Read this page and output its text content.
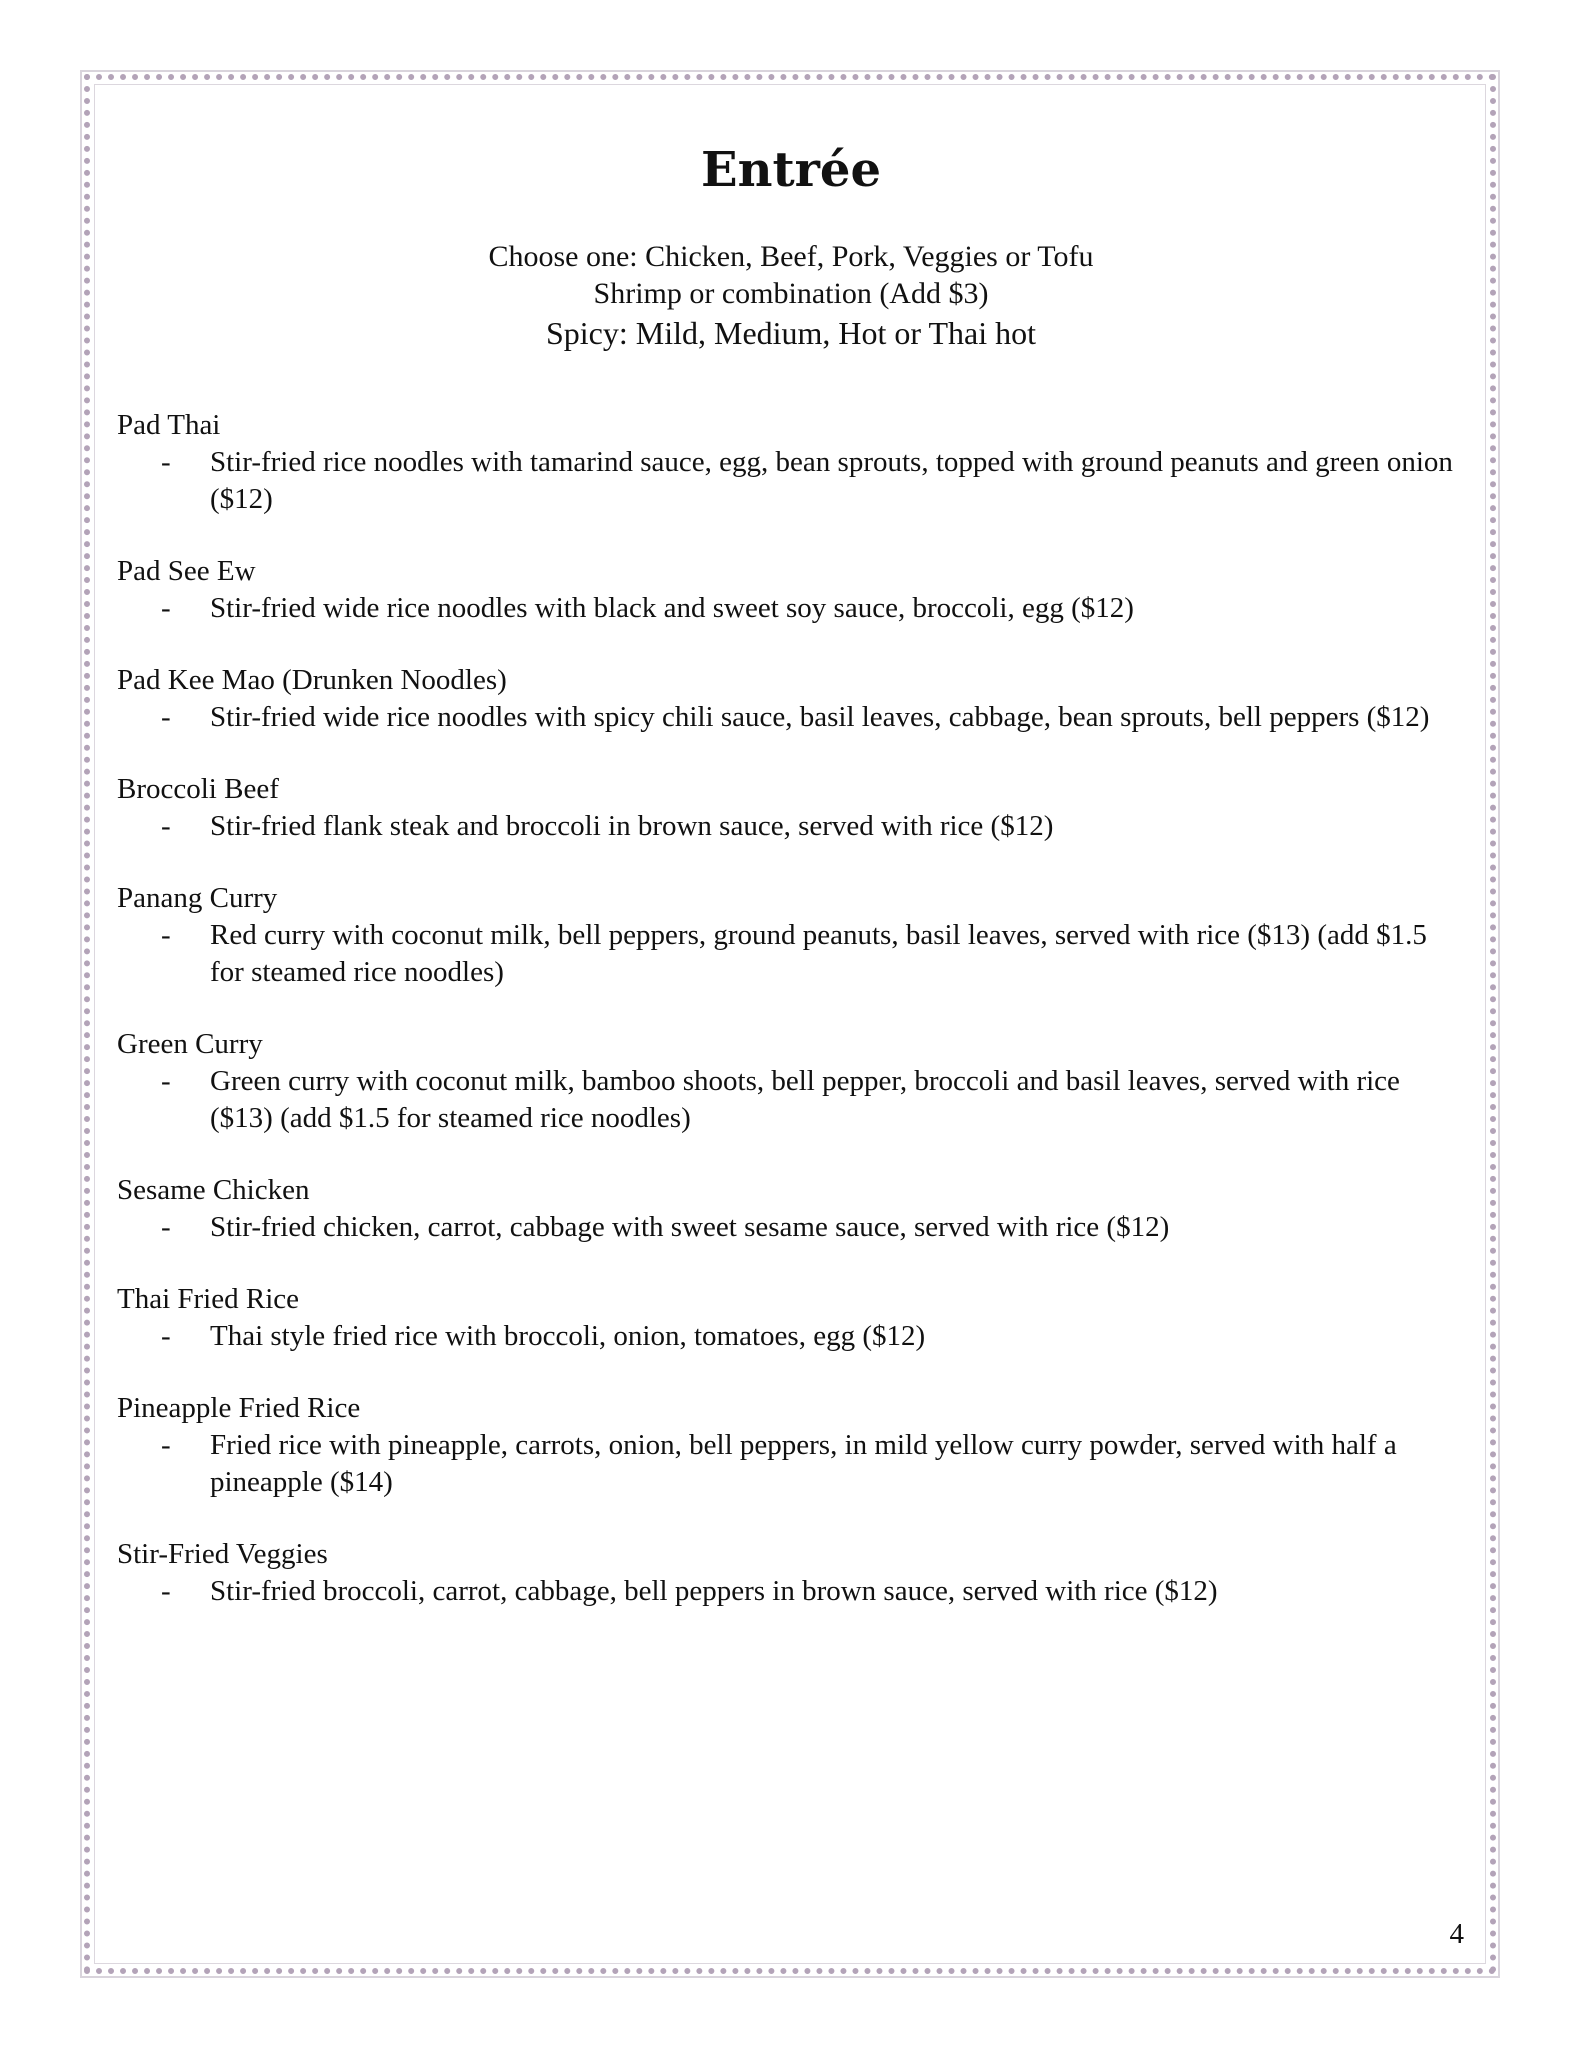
Entrée
Choose one: Chicken, Beef, Pork, Veggies or Tofu
Shrimp or combination (Add $3)
Spicy: Mild, Medium, Hot or Thai hot
Pad Thai
- Stir-fried rice noodles with tamarind sauce, egg, bean sprouts, topped with ground peanuts and green onion ($12)
Pad See Ew
- Stir-fried wide rice noodles with black and sweet soy sauce, broccoli, egg ($12)
Pad Kee Mao (Drunken Noodles)
- Stir-fried wide rice noodles with spicy chili sauce, basil leaves, cabbage, bean sprouts, bell peppers ($12)
Broccoli Beef
- Stir-fried flank steak and broccoli in brown sauce, served with rice ($12)
Panang Curry
- Red curry with coconut milk, bell peppers, ground peanuts, basil leaves, served with rice ($13) (add $1.5 for steamed rice noodles)
Green Curry
- Green curry with coconut milk, bamboo shoots, bell pepper, broccoli and basil leaves, served with rice ($13) (add $1.5 for steamed rice noodles)
Sesame Chicken
- Stir-fried chicken, carrot, cabbage with sweet sesame sauce, served with rice ($12)
Thai Fried Rice
- Thai style fried rice with broccoli, onion, tomatoes, egg ($12)
Pineapple Fried Rice
- Fried rice with pineapple, carrots, onion, bell peppers, in mild yellow curry powder, served with half a pineapple ($14)
Stir-Fried Veggies
- Stir-fried broccoli, carrot, cabbage, bell peppers in brown sauce, served with rice ($12)
4
